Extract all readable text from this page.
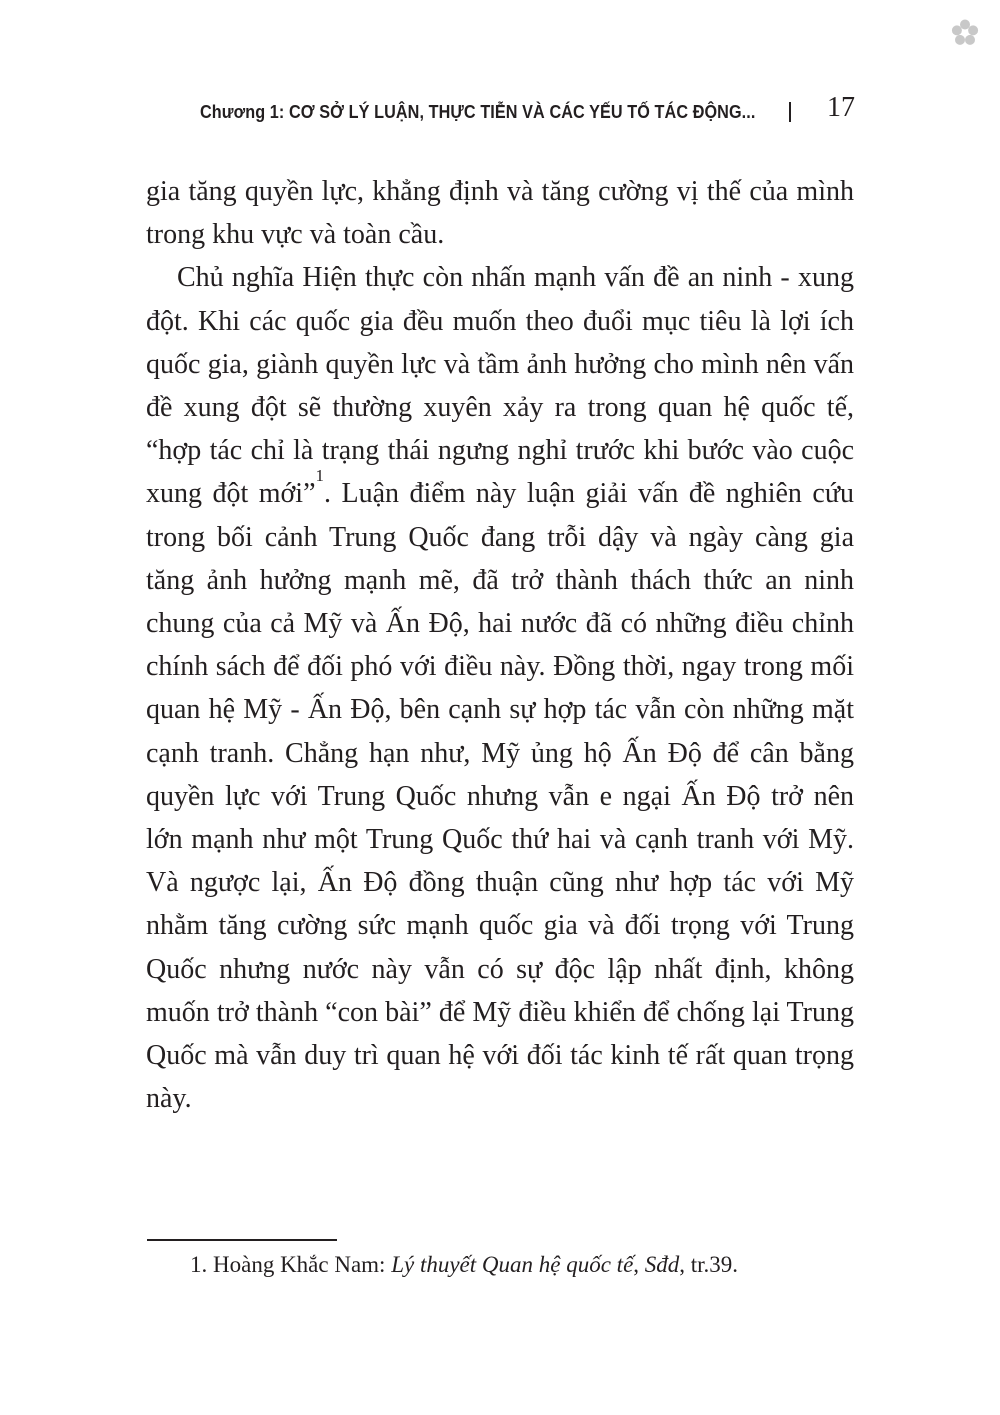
Chương 1: CƠ SỞ LÝ LUẬN, THỰC TIỄN VÀ CÁC YẾU TỐ TÁC ĐỘNG...	17

gia tăng quyền lực, khẳng định và tăng cường vị thế của mình trong khu vực và toàn cầu.

Chủ nghĩa Hiện thực còn nhấn mạnh vấn đề an ninh - xung đột. Khi các quốc gia đều muốn theo đuổi mục tiêu là lợi ích quốc gia, giành quyền lực và tầm ảnh hưởng cho mình nên vấn đề xung đột sẽ thường xuyên xảy ra trong quan hệ quốc tế, “hợp tác chỉ là trạng thái ngưng nghỉ trước khi bước vào cuộc xung đột mới”$^1$. Luận điểm này luận giải vấn đề nghiên cứu trong bối cảnh Trung Quốc đang trỗi dậy và ngày càng gia tăng ảnh hưởng mạnh mẽ, đã trở thành thách thức an ninh chung của cả Mỹ và Ấn Độ, hai nước đã có những điều chỉnh chính sách để đối phó với điều này. Đồng thời, ngay trong mối quan hệ Mỹ - Ấn Độ, bên cạnh sự hợp tác vẫn còn những mặt cạnh tranh. Chẳng hạn như, Mỹ ủng hộ Ấn Độ để cân bằng quyền lực với Trung Quốc nhưng vẫn e ngại Ấn Độ trở nên lớn mạnh như một Trung Quốc thứ hai và cạnh tranh với Mỹ. Và ngược lại, Ấn Độ đồng thuận cũng như hợp tác với Mỹ nhằm tăng cường sức mạnh quốc gia và đối trọng với Trung Quốc nhưng nước này vẫn có sự độc lập nhất định, không muốn trở thành “con bài” để Mỹ điều khiển để chống lại Trung Quốc mà vẫn duy trì quan hệ với đối tác kinh tế rất quan trọng này.

1. Hoàng Khắc Nam: Lý thuyết Quan hệ quốc tế, Sđd, tr.39.
